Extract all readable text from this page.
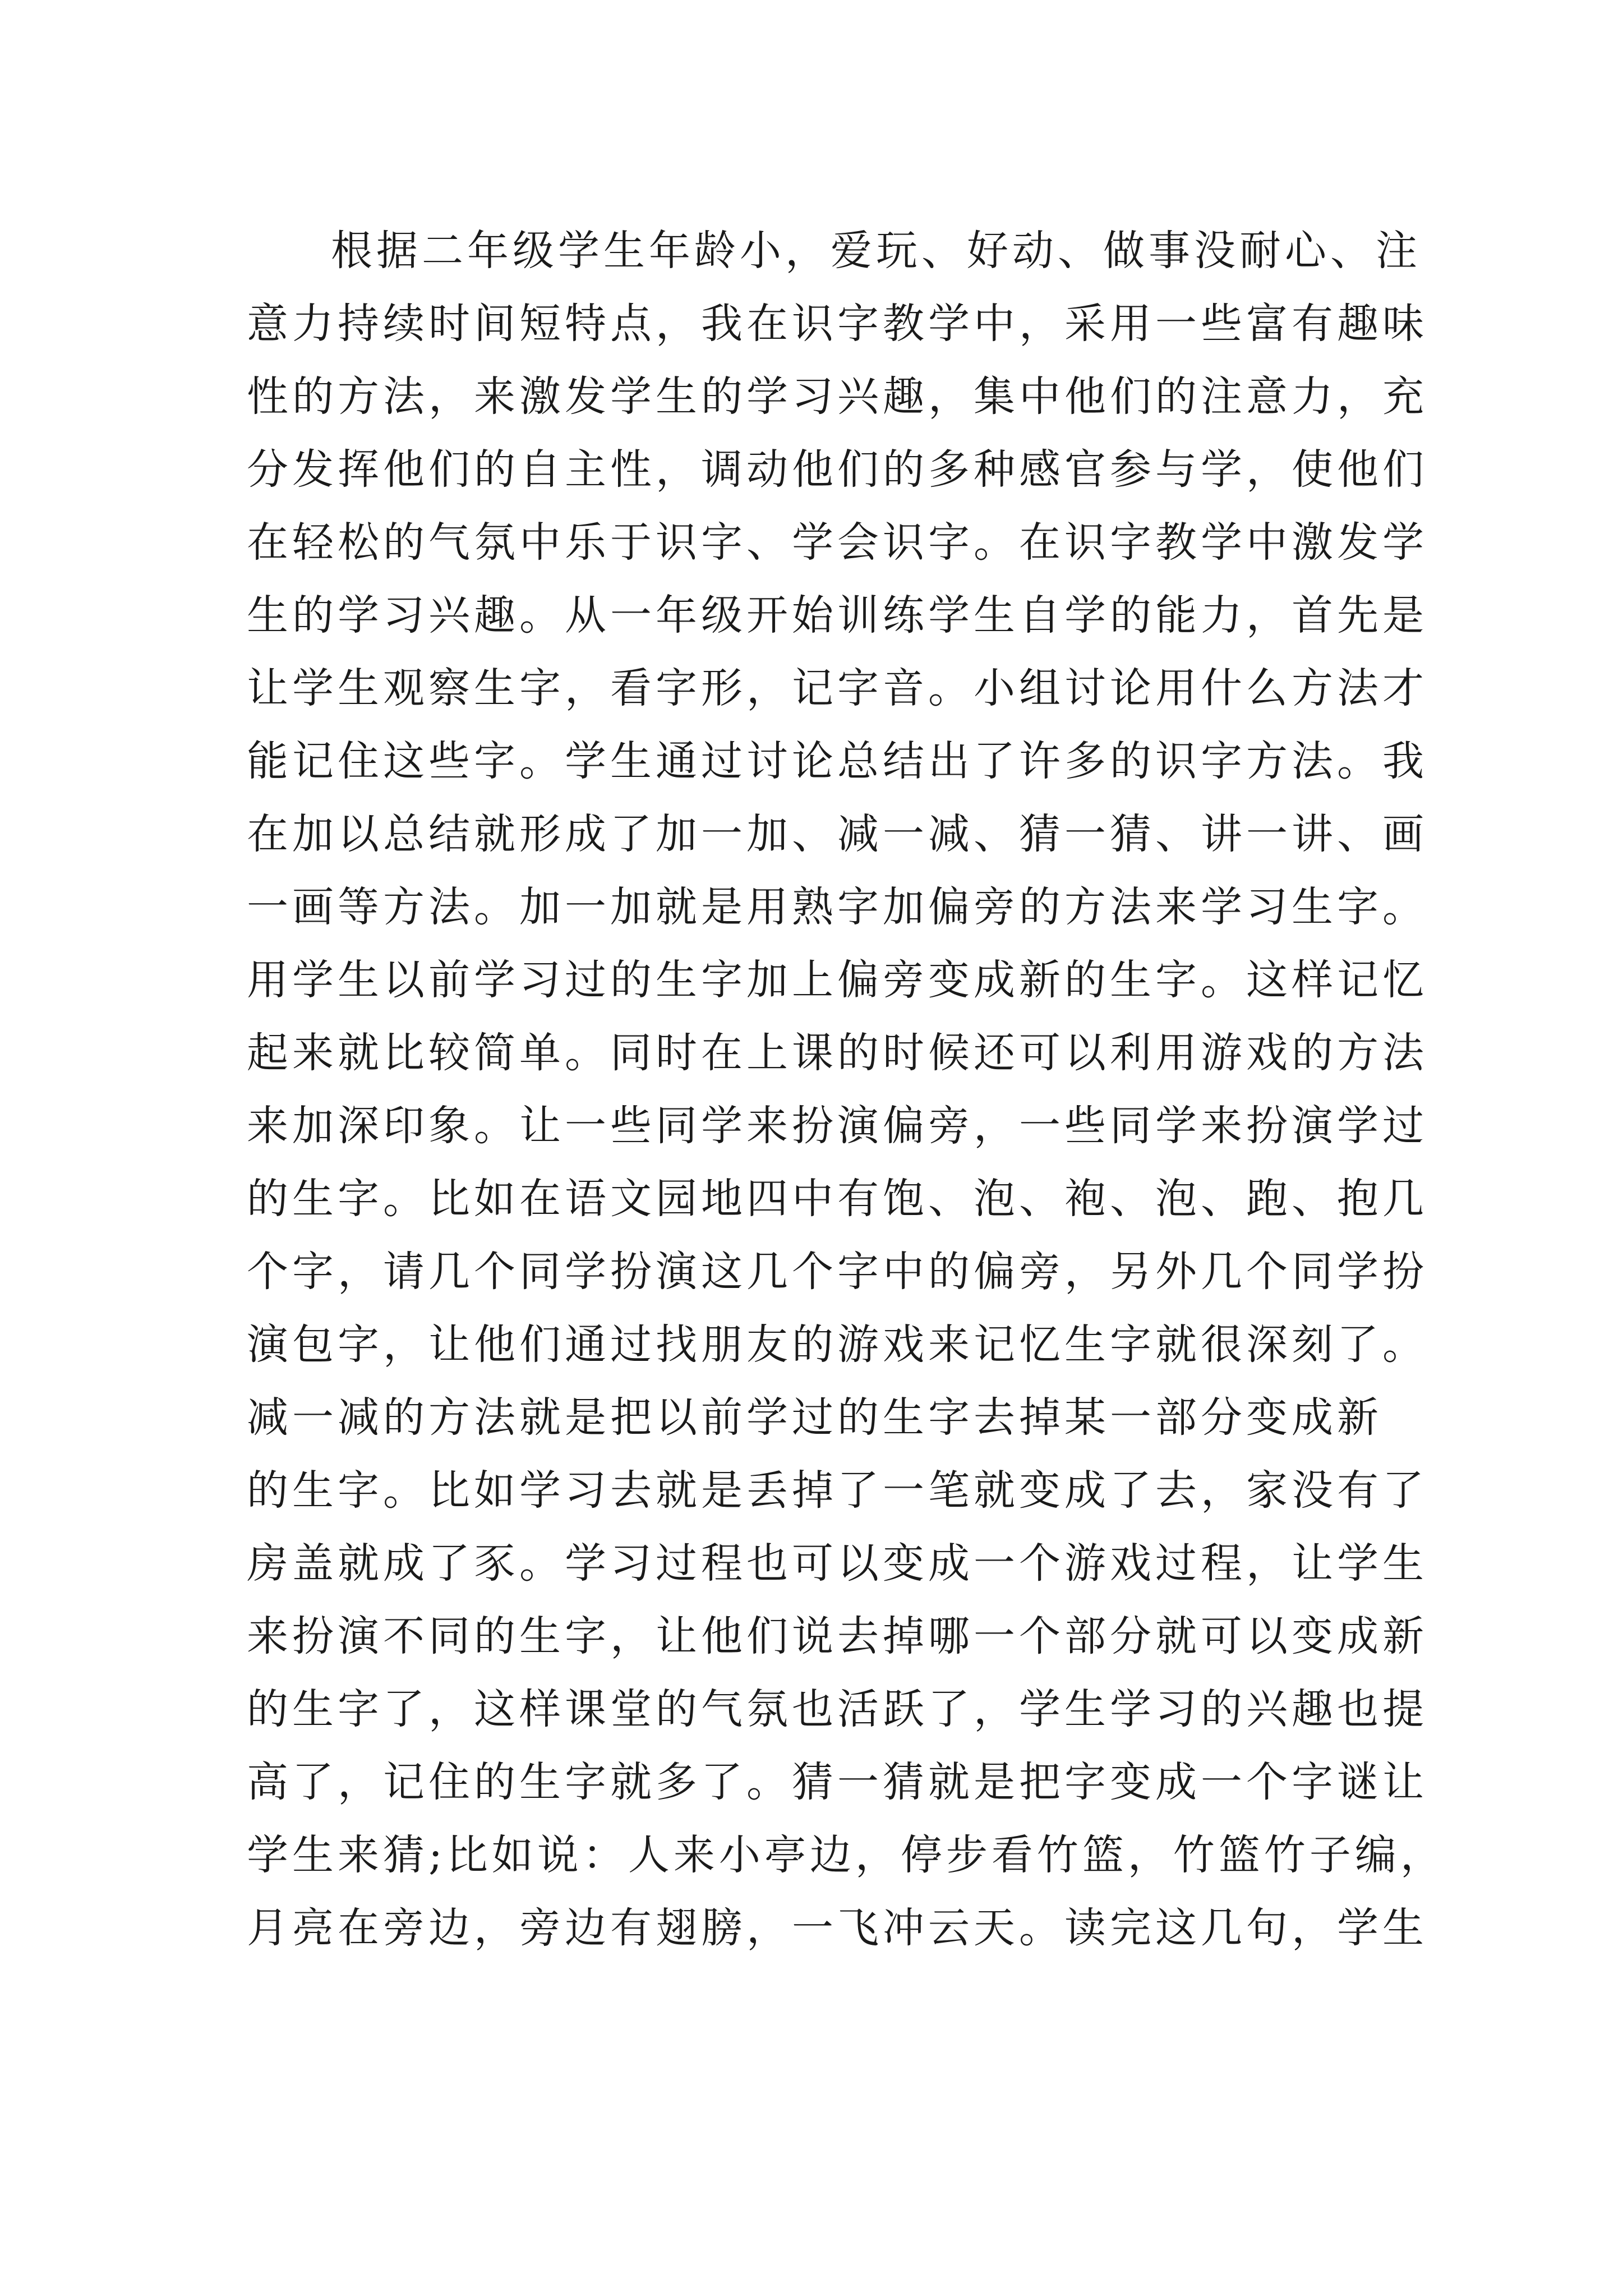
根据二年级学生年龄小，爱玩、好动、做事没耐心、注
意力持续时间短特点，我在识字教学中，采用一些富有趣味
性的方法，来激发学生的学习兴趣，集中他们的注意力，充
分发挥他们的自主性，调动他们的多种感官参与学，使他们
在轻松的气氛中乐于识字、学会识字。在识字教学中激发学
生的学习兴趣。从一年级开始训练学生自学的能力，首先是
让学生观察生字，看字形，记字音。小组讨论用什么方法才
能记住这些字。学生通过讨论总结出了许多的识字方法。我
在加以总结就形成了加一加、减一减、猜一猜、讲一讲、画
一画等方法。加一加就是用熟字加偏旁的方法来学习生字。
用学生以前学习过的生字加上偏旁变成新的生字。这样记忆
起来就比较简单。同时在上课的时候还可以利用游戏的方法
来加深印象。让一些同学来扮演偏旁，一些同学来扮演学过
的生字。比如在语文园地四中有饱、泡、袍、泡、跑、抱几
个字，请几个同学扮演这几个字中的偏旁，另外几个同学扮
演包字，让他们通过找朋友的游戏来记忆生字就很深刻了。
减一减的方法就是把以前学过的生字去掉某一部分变成新
的生字。比如学习去就是丢掉了一笔就变成了去，家没有了
房盖就成了豕。学习过程也可以变成一个游戏过程，让学生
来扮演不同的生字，让他们说去掉哪一个部分就可以变成新
的生字了，这样课堂的气氛也活跃了，学生学习的兴趣也提
高了，记住的生字就多了。猜一猜就是把字变成一个字谜让
学生来猜;比如说：人来小亭边，停步看竹篮，竹篮竹子编，
月亮在旁边，旁边有翅膀，一飞冲云天。读完这几句，学生
